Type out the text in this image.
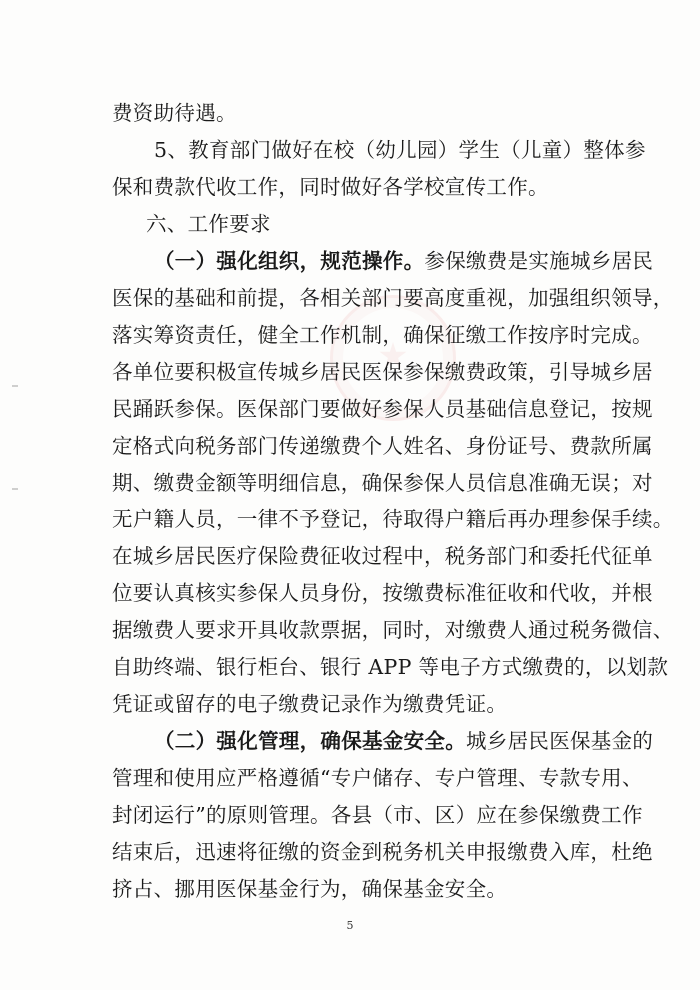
费资助待遇。
5、教育部门做好在校（幼儿园）学生（儿童）整体参
保和费款代收工作，同时做好各学校宣传工作。
六、工作要求
（一）强化组织，规范操作。参保缴费是实施城乡居民
医保的基础和前提，各相关部门要高度重视，加强组织领导，
落实筹资责任，健全工作机制，确保征缴工作按序时完成。
各单位要积极宣传城乡居民医保参保缴费政策，引导城乡居
民踊跃参保。医保部门要做好参保人员基础信息登记，按规
定格式向税务部门传递缴费个人姓名、身份证号、费款所属
期、缴费金额等明细信息，确保参保人员信息准确无误；对
无户籍人员，一律不予登记，待取得户籍后再办理参保手续。
在城乡居民医疗保险费征收过程中，税务部门和委托代征单
位要认真核实参保人员身份，按缴费标准征收和代收，并根
据缴费人要求开具收款票据，同时，对缴费人通过税务微信、
自助终端、银行柜台、银行 APP 等电子方式缴费的，以划款
凭证或留存的电子缴费记录作为缴费凭证。
（二）强化管理，确保基金安全。城乡居民医保基金的
管理和使用应严格遵循“专户储存、专户管理、专款专用、
封闭运行”的原则管理。各县（市、区）应在参保缴费工作
结束后，迅速将征缴的资金到税务机关申报缴费入库，杜绝
5
挤占、挪用医保基金行为，确保基金安全。
